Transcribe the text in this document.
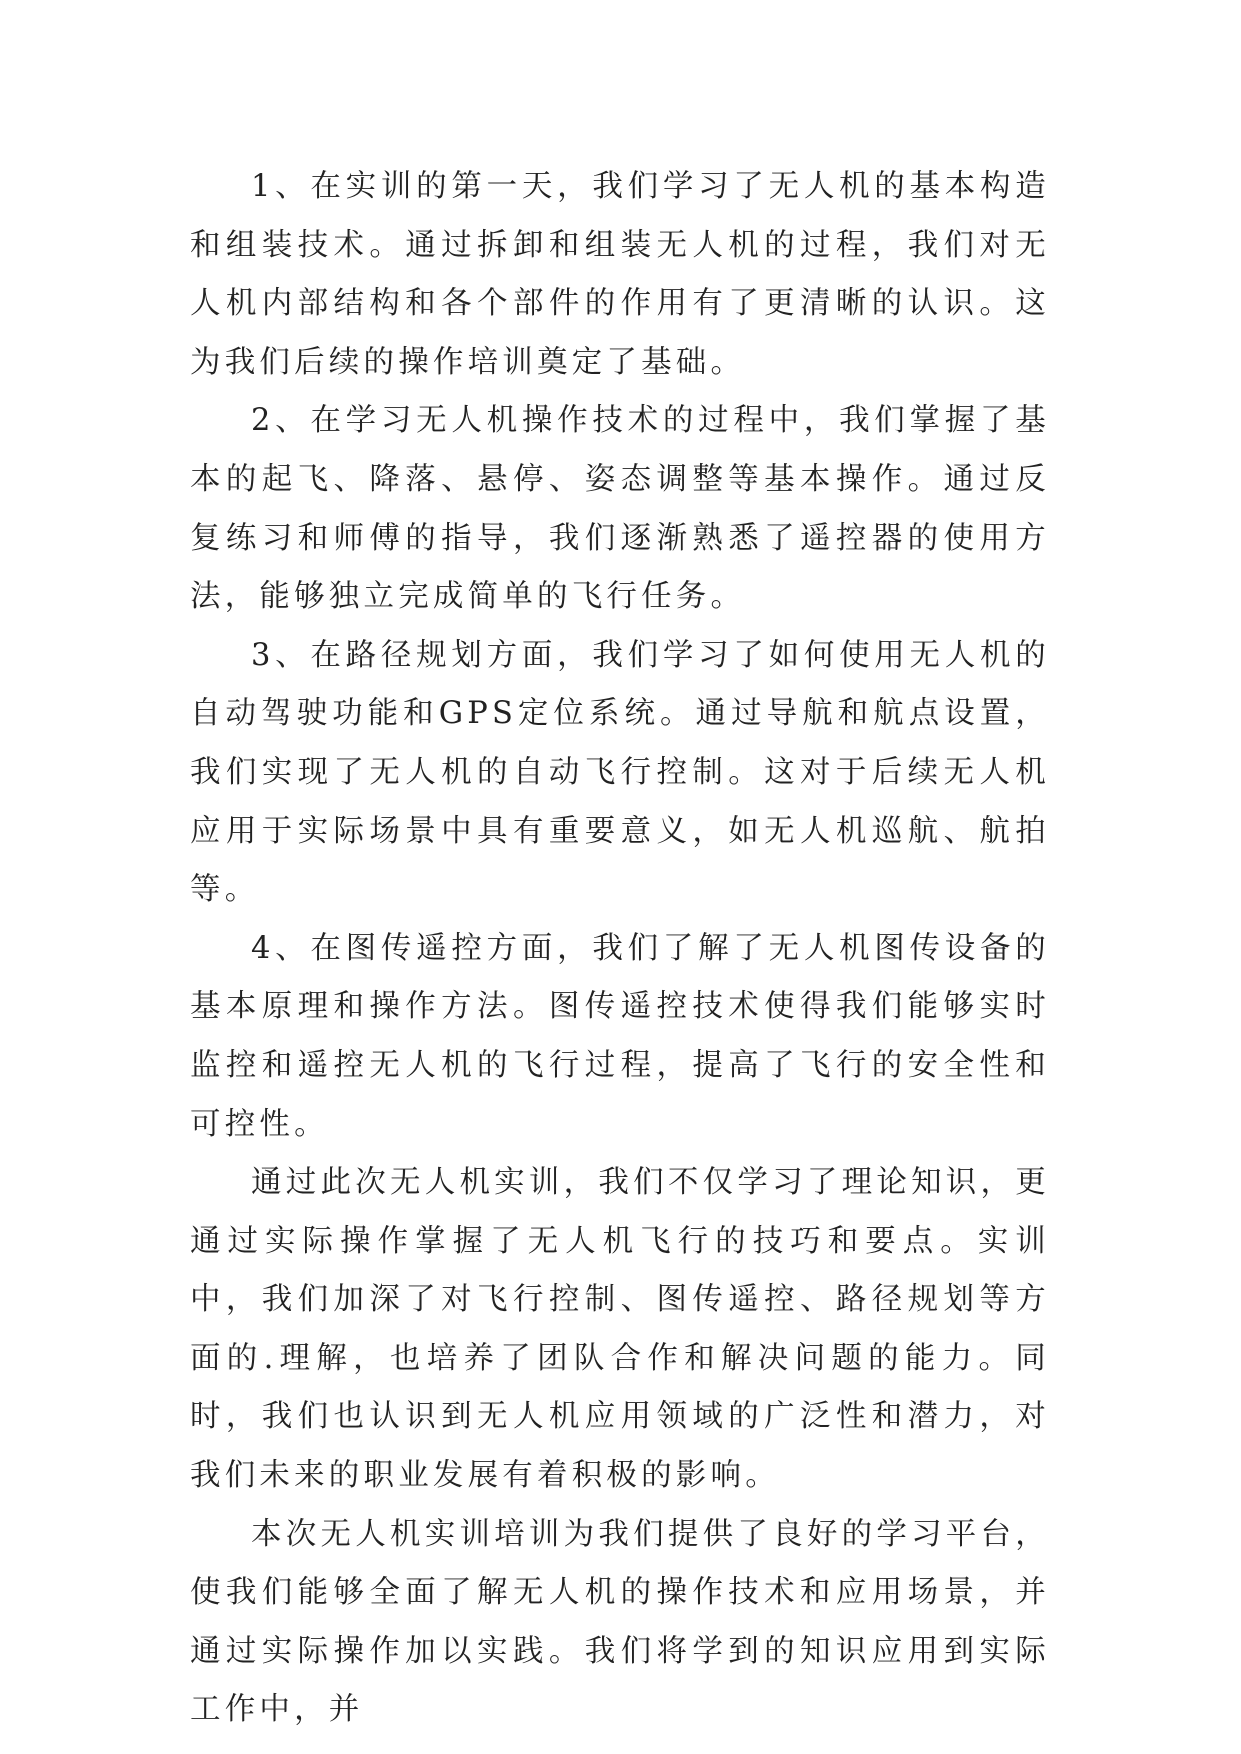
1、在实训的第一天，我们学习了无人机的基本构造和组装技术。通过拆卸和组装无人机的过程，我们对无人机内部结构和各个部件的作用有了更清晰的认识。这为我们后续的操作培训奠定了基础。

2、在学习无人机操作技术的过程中，我们掌握了基本的起飞、降落、悬停、姿态调整等基本操作。通过反复练习和师傅的指导，我们逐渐熟悉了遥控器的使用方法，能够独立完成简单的飞行任务。

3、在路径规划方面，我们学习了如何使用无人机的自动驾驶功能和GPS定位系统。通过导航和航点设置，我们实现了无人机的自动飞行控制。这对于后续无人机应用于实际场景中具有重要意义，如无人机巡航、航拍等。

4、在图传遥控方面，我们了解了无人机图传设备的基本原理和操作方法。图传遥控技术使得我们能够实时监控和遥控无人机的飞行过程，提高了飞行的安全性和可控性。

通过此次无人机实训，我们不仅学习了理论知识，更通过实际操作掌握了无人机飞行的技巧和要点。实训中，我们加深了对飞行控制、图传遥控、路径规划等方面的.理解，也培养了团队合作和解决问题的能力。同时，我们也认识到无人机应用领域的广泛性和潜力，对我们未来的职业发展有着积极的影响。

本次无人机实训培训为我们提供了良好的学习平台，使我们能够全面了解无人机的操作技术和应用场景，并通过实际操作加以实践。我们将学到的知识应用到实际工作中，并
